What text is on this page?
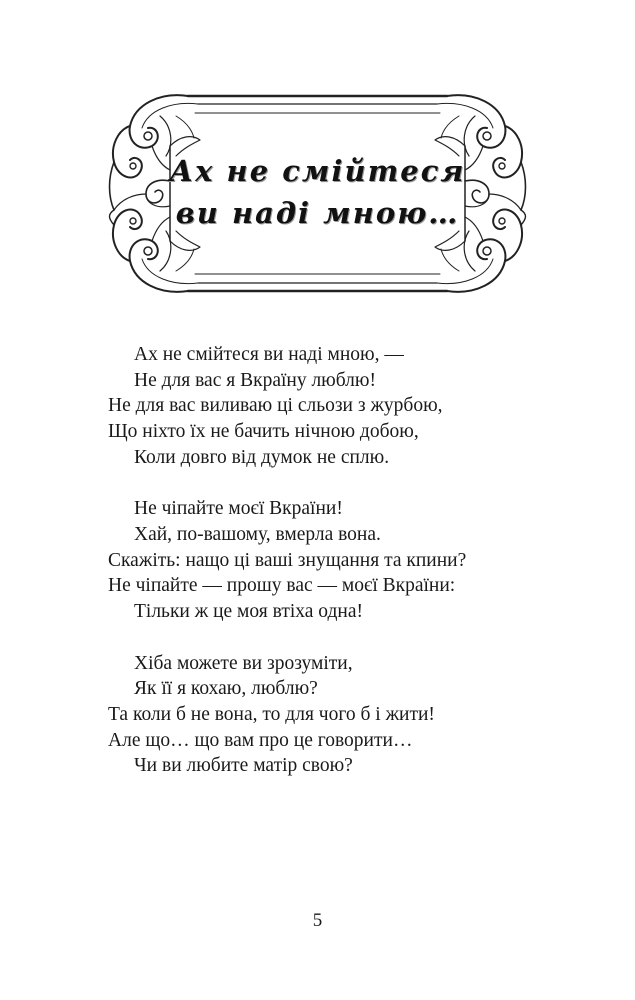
Ах не смійтеся
ви наді мною…
Ах не смійтеся ви наді мною, —
Не для вас я Вкраїну люблю!
Не для вас виливаю ці сльози з журбою,
Що ніхто їх не бачить нічною добою,
Коли довго від думок не сплю.
Не чіпайте моєї Вкраїни!
Хай, по-вашому, вмерла вона.
Скажіть: нащо ці ваші знущання та кпини?
Не чіпайте — прошу вас — моєї Вкраїни:
Тільки ж це моя втіха одна!
Хіба можете ви зрозуміти,
Як її я кохаю, люблю?
Та коли б не вона, то для чого б і жити!
Але що… що вам про це говорити…
Чи ви любите матір свою?
5
